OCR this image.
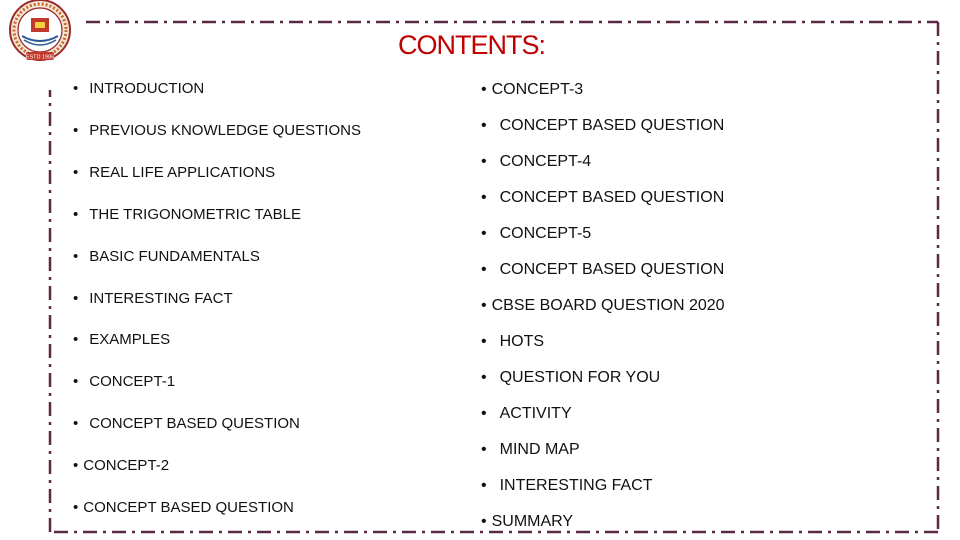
ESTD 1986	CONTENTS:
• INTRODUCTION
• PREVIOUS KNOWLEDGE QUESTIONS
• REAL LIFE APPLICATIONS
• THE TRIGONOMETRIC TABLE
• BASIC FUNDAMENTALS
• INTERESTING FACT
• EXAMPLES
• CONCEPT-1
• CONCEPT BASED QUESTION
• CONCEPT-2
• CONCEPT BASED QUESTION
• CONCEPT-3
• CONCEPT BASED QUESTION
• CONCEPT-4
• CONCEPT BASED QUESTION
• CONCEPT-5
• CONCEPT BASED QUESTION
• CBSE BOARD QUESTION 2020
• HOTS
• QUESTION FOR YOU
• ACTIVITY
• MIND MAP
• INTERESTING FACT
• SUMMARY
